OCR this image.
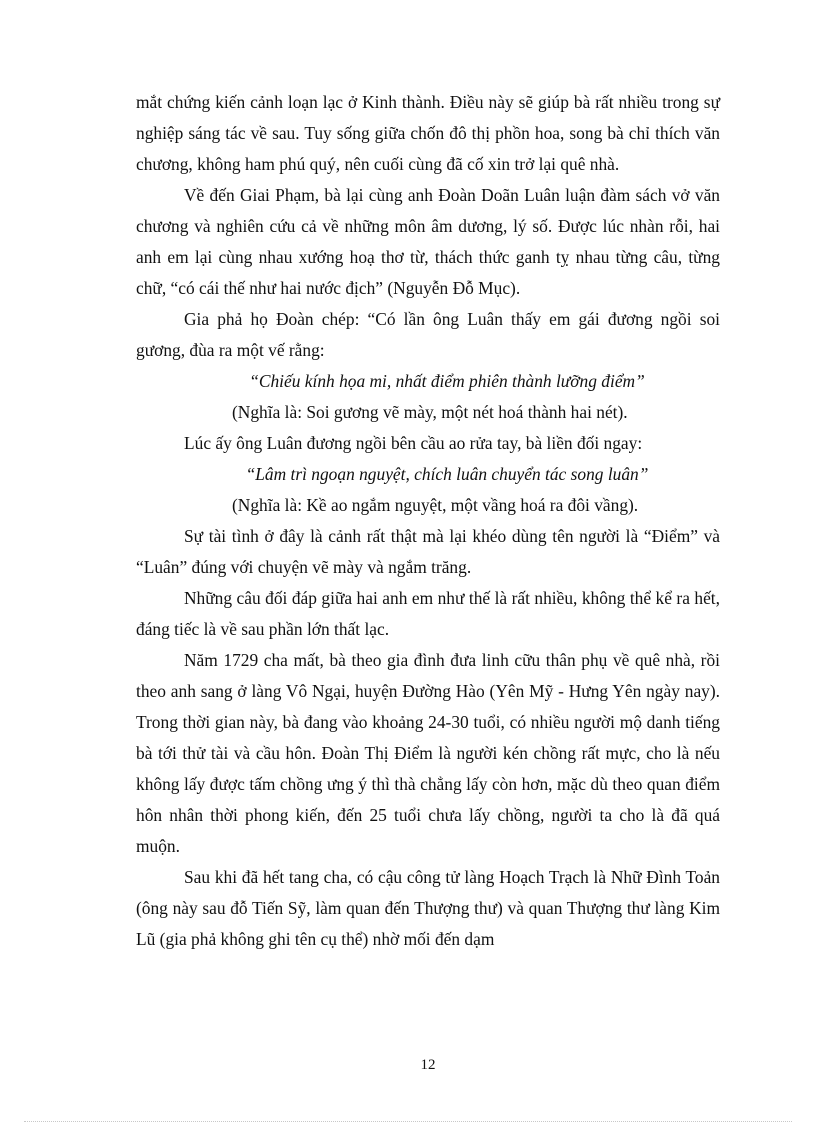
mắt chứng kiến cảnh loạn lạc ở Kinh thành. Điều này sẽ giúp bà rất nhiều trong sự nghiệp sáng tác về sau. Tuy sống giữa chốn đô thị phồn hoa, song bà chỉ thích văn chương, không ham phú quý, nên cuối cùng đã cố xin trở lại quê nhà.

Về đến Giai Phạm, bà lại cùng anh Đoàn Doãn Luân luận đàm sách vở văn chương và nghiên cứu cả về những môn âm dương, lý số. Được lúc nhàn rỗi, hai anh em lại cùng nhau xướng hoạ thơ từ, thách thức ganh tỵ nhau từng câu, từng chữ, “có cái thế như hai nước địch” (Nguyễn Đỗ Mục).

Gia phả họ Đoàn chép: “Có lần ông Luân thấy em gái đương ngồi soi gương, đùa ra một vế rằng:

“Chiếu kính họa mi, nhất điểm phiên thành lưỡng điểm”

(Nghĩa là: Soi gương vẽ mày, một nét hoá thành hai nét).

Lúc ấy ông Luân đương ngồi bên cầu ao rửa tay, bà liền đối ngay:

“Lâm trì ngoạn nguyệt, chích luân chuyển tác song luân”

(Nghĩa là: Kề ao ngắm nguyệt, một vầng hoá ra đôi vầng).

Sự tài tình ở đây là cảnh rất thật mà lại khéo dùng tên người là “Điểm” và “Luân” đúng với chuyện vẽ mày và ngắm trăng.

Những câu đối đáp giữa hai anh em như thế là rất nhiều, không thể kể ra hết, đáng tiếc là về sau phần lớn thất lạc.

Năm 1729 cha mất, bà theo gia đình đưa linh cữu thân phụ về quê nhà, rồi theo anh sang ở làng Vô Ngại, huyện Đường Hào (Yên Mỹ - Hưng Yên ngày nay). Trong thời gian này, bà đang vào khoảng 24-30 tuổi, có nhiều người mộ danh tiếng bà tới thử tài và cầu hôn. Đoàn Thị Điểm là người kén chồng rất mực, cho là nếu không lấy được tấm chồng ưng ý thì thà chẳng lấy còn hơn, mặc dù theo quan điểm hôn nhân thời phong kiến, đến 25 tuổi chưa lấy chồng, người ta cho là đã quá muộn.

Sau khi đã hết tang cha, có cậu công tử làng Hoạch Trạch là Nhữ Đình Toản (ông này sau đỗ Tiến Sỹ, làm quan đến Thượng thư) và quan Thượng thư làng Kim Lũ (gia phả không ghi tên cụ thể) nhờ mối đến dạm

12
